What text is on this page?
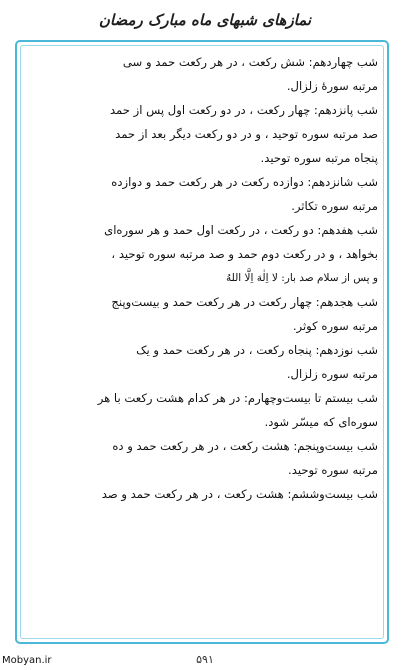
نمازهای شبهای ماه مبارک رمضان
شب چهاردهم: شش رکعت ، در هر رکعت حمد و سی
مرتبه سورهٔ زلزال.
شب پانزدهم: چهار رکعت ، در دو رکعت اول پس از حمد
صد مرتبه سوره توحید ، و در دو رکعت دیگر بعد از حمد
پنجاه مرتبه سوره توحید.
شب شانزدهم: دوازده رکعت در هر رکعت حمد و دوازده
مرتبه سوره تکاثر.
شب هفدهم: دو رکعت ، در رکعت اول حمد و هر سوره‌ای
بخواهد ، و در رکعت دوم حمد و صد مرتبه سوره توحید ،
و پس از سلام صد بار: لا اِلٰهَ اِلَّا اللهُ
شب هجدهم: چهار رکعت در هر رکعت حمد و بیست‌وپنج
مرتبه سوره کوثر.
شب نوزدهم: پنجاه رکعت ، در هر رکعت حمد و یک
مرتبه سوره زلزال.
شب بیستم تا بیست‌وچهارم: در هر کدام هشت رکعت با هر
سوره‌ای که میسّر شود.
شب بیست‌وپنجم: هشت رکعت ، در هر رکعت حمد و ده
مرتبه سوره توحید.
شب بیست‌وششم: هشت رکعت ، در هر رکعت حمد و صد
۵۹۱
Mobyan.ir
